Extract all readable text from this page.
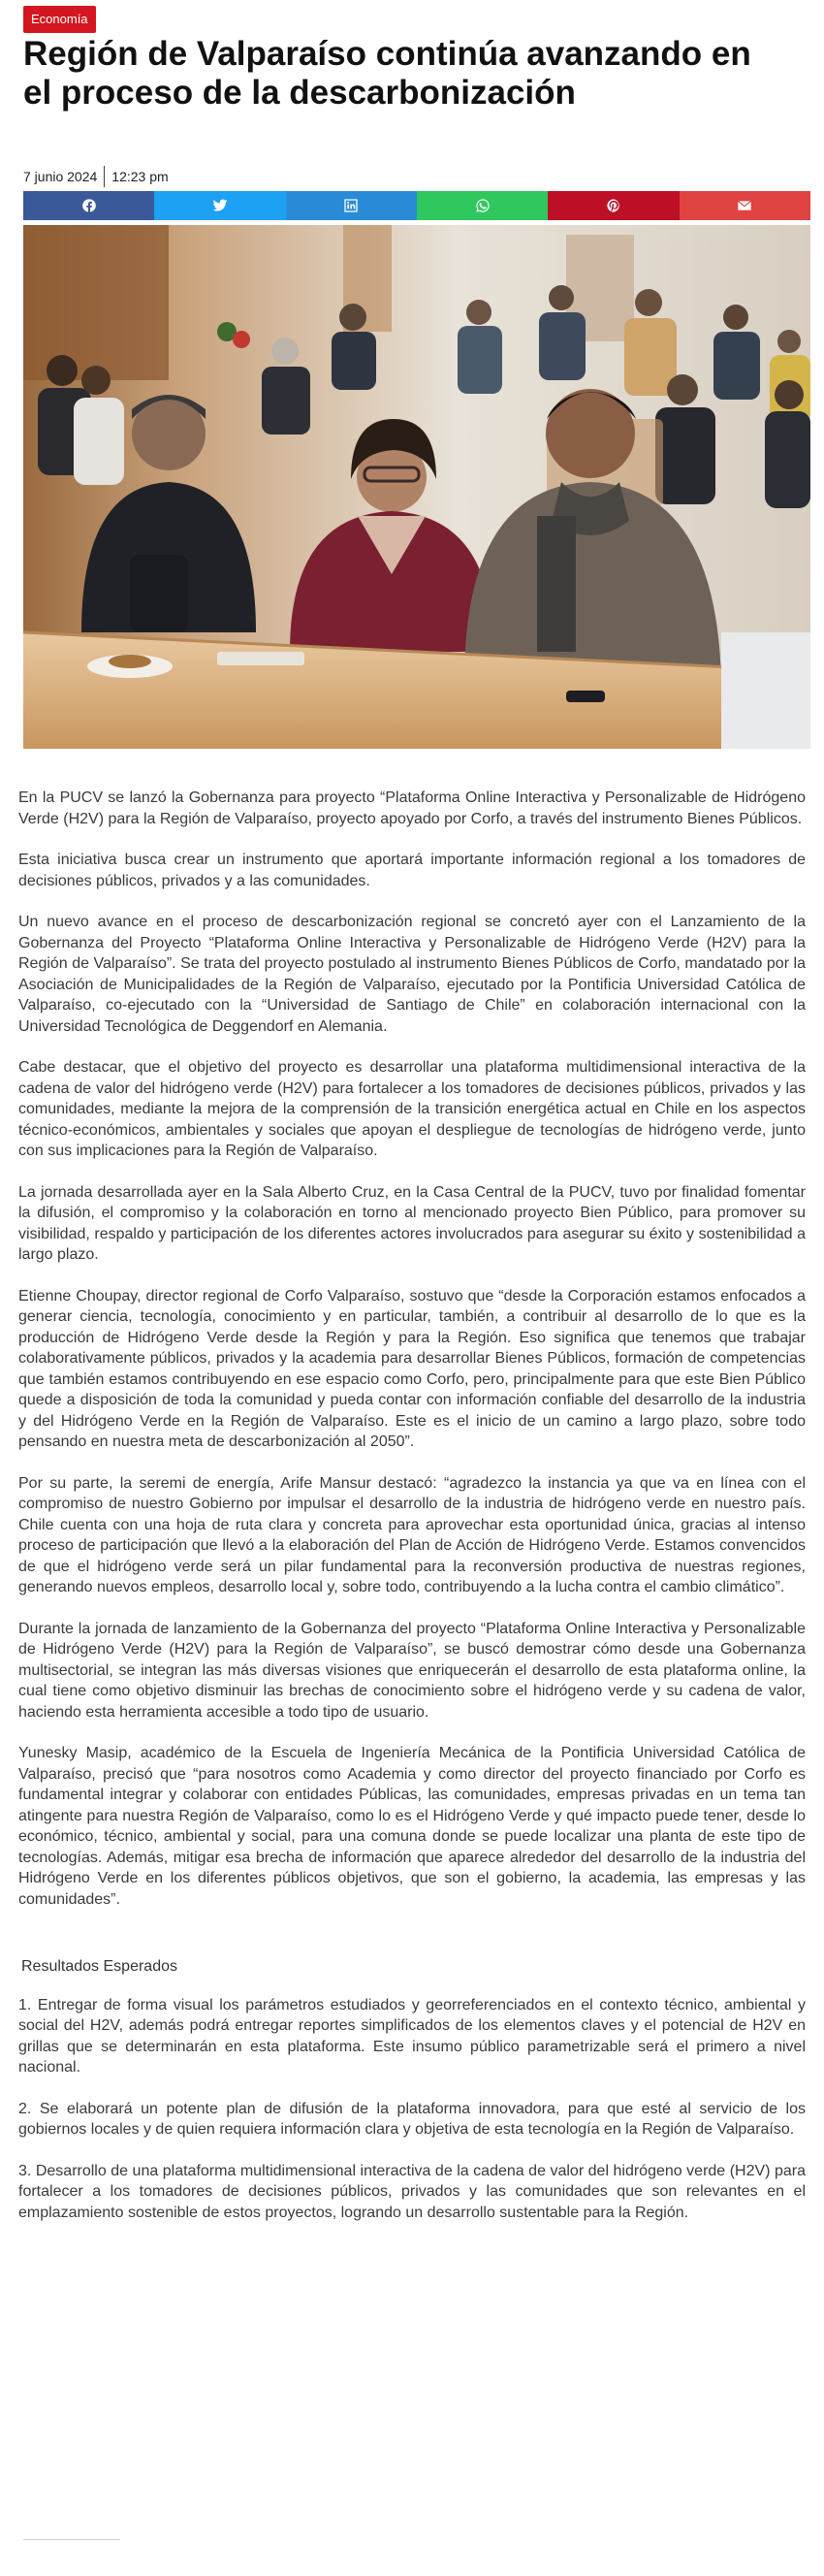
Economía
Región de Valparaíso continúa avanzando en el proceso de la descarbonización
7 junio 2024 12:23 pm

En la PUCV se lanzó la Gobernanza para proyecto “Plataforma Online Interactiva y Personalizable de Hidrógeno Verde (H2V) para la Región de Valparaíso, proyecto apoyado por Corfo, a través del instrumento Bienes Públicos.

Esta iniciativa busca crear un instrumento que aportará importante información regional a los tomadores de decisiones públicos, privados y a las comunidades.

Un nuevo avance en el proceso de descarbonización regional se concretó ayer con el Lanzamiento de la Gobernanza del Proyecto “Plataforma Online Interactiva y Personalizable de Hidrógeno Verde (H2V) para la Región de Valparaíso”. Se trata del proyecto postulado al instrumento Bienes Públicos de Corfo, mandatado por la Asociación de Municipalidades de la Región de Valparaíso, ejecutado por la Pontificia Universidad Católica de Valparaíso, co-ejecutado con la “Universidad de Santiago de Chile” en colaboración internacional con la Universidad Tecnológica de Deggendorf en Alemania.

Cabe destacar, que el objetivo del proyecto es desarrollar una plataforma multidimensional interactiva de la cadena de valor del hidrógeno verde (H2V) para fortalecer a los tomadores de decisiones públicos, privados y las comunidades, mediante la mejora de la comprensión de la transición energética actual en Chile en los aspectos técnico-económicos, ambientales y sociales que apoyan el despliegue de tecnologías de hidrógeno verde, junto con sus implicaciones para la Región de Valparaíso.

La jornada desarrollada ayer en la Sala Alberto Cruz, en la Casa Central de la PUCV, tuvo por finalidad fomentar la difusión, el compromiso y la colaboración en torno al mencionado proyecto Bien Público, para promover su visibilidad, respaldo y participación de los diferentes actores involucrados para asegurar su éxito y sostenibilidad a largo plazo.

Etienne Choupay, director regional de Corfo Valparaíso, sostuvo que “desde la Corporación estamos enfocados a generar ciencia, tecnología, conocimiento y en particular, también, a contribuir al desarrollo de lo que es la producción de Hidrógeno Verde desde la Región y para la Región. Eso significa que tenemos que trabajar colaborativamente públicos, privados y la academia para desarrollar Bienes Públicos, formación de competencias que también estamos contribuyendo en ese espacio como Corfo, pero, principalmente para que este Bien Público quede a disposición de toda la comunidad y pueda contar con información confiable del desarrollo de la industria y del Hidrógeno Verde en la Región de Valparaíso. Este es el inicio de un camino a largo plazo, sobre todo pensando en nuestra meta de descarbonización al 2050”.

Por su parte, la seremi de energía, Arife Mansur destacó: “agradezco la instancia ya que va en línea con el compromiso de nuestro Gobierno por impulsar el desarrollo de la industria de hidrógeno verde en nuestro país. Chile cuenta con una hoja de ruta clara y concreta para aprovechar esta oportunidad única, gracias al intenso proceso de participación que llevó a la elaboración del Plan de Acción de Hidrógeno Verde. Estamos convencidos de que el hidrógeno verde será un pilar fundamental para la reconversión productiva de nuestras regiones, generando nuevos empleos, desarrollo local y, sobre todo, contribuyendo a la lucha contra el cambio climático”.

Durante la jornada de lanzamiento de la Gobernanza del proyecto “Plataforma Online Interactiva y Personalizable de Hidrógeno Verde (H2V) para la Región de Valparaíso”, se buscó demostrar cómo desde una Gobernanza multisectorial, se integran las más diversas visiones que enriquecerán el desarrollo de esta plataforma online, la cual tiene como objetivo disminuir las brechas de conocimiento sobre el hidrógeno verde y su cadena de valor, haciendo esta herramienta accesible a todo tipo de usuario.

Yunesky Masip, académico de la Escuela de Ingeniería Mecánica de la Pontificia Universidad Católica de Valparaíso, precisó que “para nosotros como Academia y como director del proyecto financiado por Corfo es fundamental integrar y colaborar con entidades Públicas, las comunidades, empresas privadas en un tema tan atingente para nuestra Región de Valparaíso, como lo es el Hidrógeno Verde y qué impacto puede tener, desde lo económico, técnico, ambiental y social, para una comuna donde se puede localizar una planta de este tipo de tecnologías. Además, mitigar esa brecha de información que aparece alrededor del desarrollo de la industria del Hidrógeno Verde en los diferentes públicos objetivos, que son el gobierno, la academia, las empresas y las comunidades”.

Resultados Esperados

1. Entregar de forma visual los parámetros estudiados y georreferenciados en el contexto técnico, ambiental y social del H2V, además podrá entregar reportes simplificados de los elementos claves y el potencial de H2V en grillas que se determinarán en esta plataforma. Este insumo público parametrizable será el primero a nivel nacional.

2. Se elaborará un potente plan de difusión de la plataforma innovadora, para que esté al servicio de los gobiernos locales y de quien requiera información clara y objetiva de esta tecnología en la Región de Valparaíso.

3. Desarrollo de una plataforma multidimensional interactiva de la cadena de valor del hidrógeno verde (H2V) para fortalecer a los tomadores de decisiones públicos, privados y las comunidades que son relevantes en el emplazamiento sostenible de estos proyectos, logrando un desarrollo sustentable para la Región.
